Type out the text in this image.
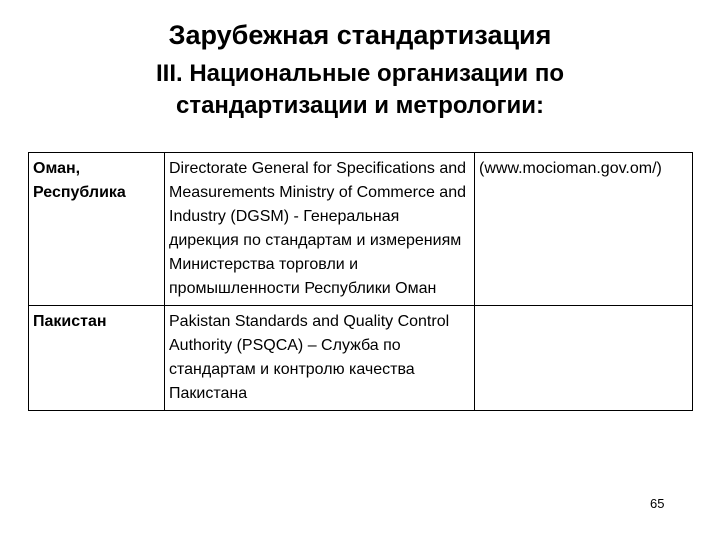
Зарубежная стандартизация
III. Национальные организации по
стандартизации и метрологии:
Оман, Республика	Directorate General for Specifications and Measurements Ministry of Commerce and Industry (DGSM) - Генеральная дирекция по стандартам и измерениям Министерства торговли и промышленности Республики Оман	(www.mocioman.gov.om/)
Пакистан	Pakistan Standards and Quality Control Authority (PSQCA) – Служба по стандартам и контролю качества Пакистана	
65
